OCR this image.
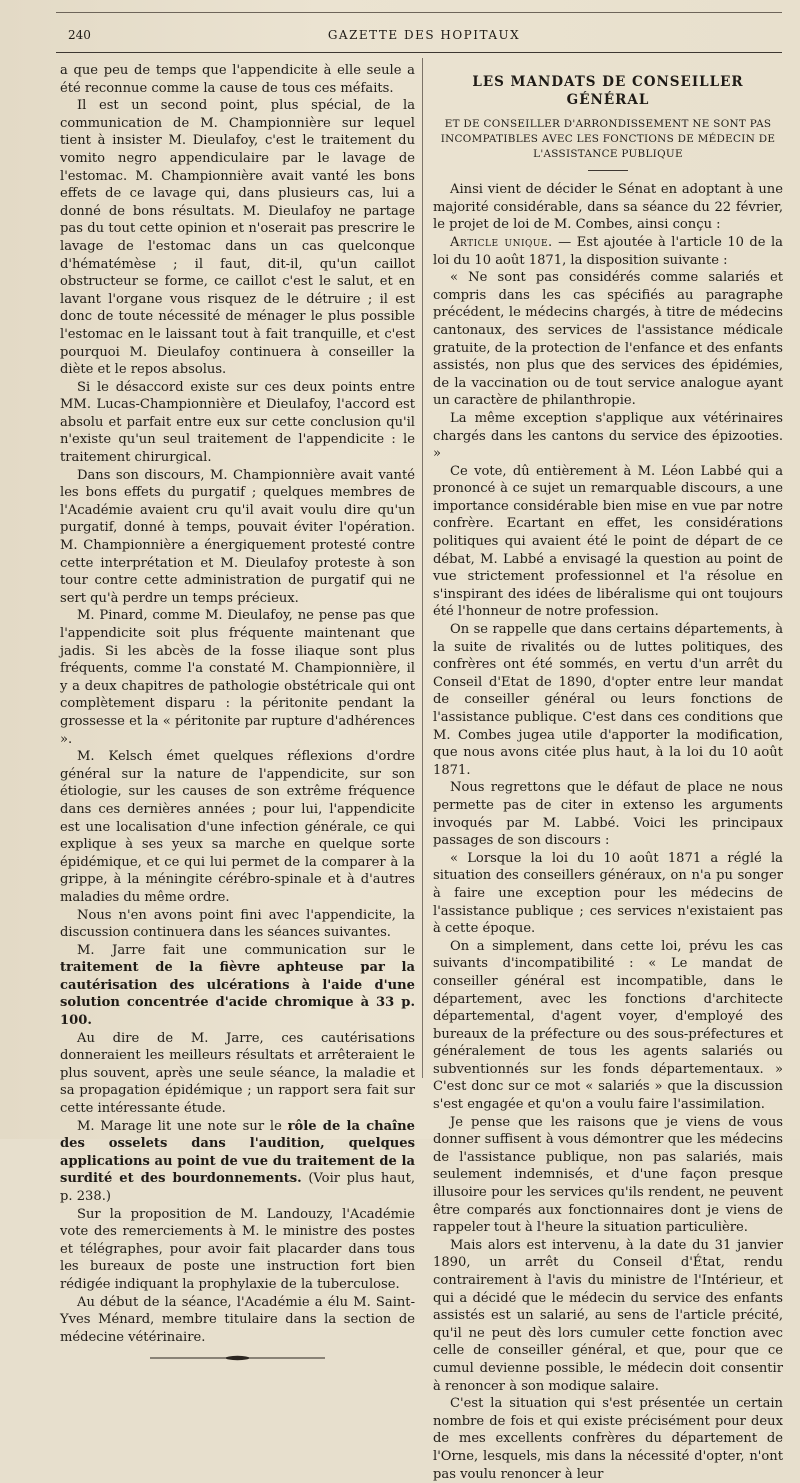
240	GAZETTE DES HOPITAUX

a que peu de temps que l'appendicite à elle seule a été reconnue comme la cause de tous ces méfaits.

Il est un second point, plus spécial, de la communication de M. Championnière sur lequel tient à insister M. Dieulafoy, c'est le traitement du vomito negro appendiculaire par le lavage de l'estomac. M. Championnière avait vanté les bons effets de ce lavage qui, dans plusieurs cas, lui a donné de bons résultats. M. Dieulafoy ne partage pas du tout cette opinion et n'oserait pas prescrire le lavage de l'estomac dans un cas quelconque d'hématémèse ; il faut, dit-il, qu'un caillot obstructeur se forme, ce caillot c'est le salut, et en lavant l'organe vous risquez de le détruire ; il est donc de toute nécessité de ménager le plus possible l'estomac en le laissant tout à fait tranquille, et c'est pourquoi M. Dieulafoy continuera à conseiller la diète et le repos absolus.

Si le désaccord existe sur ces deux points entre MM. Lucas-Championnière et Dieulafoy, l'accord est absolu et parfait entre eux sur cette conclusion qu'il n'existe qu'un seul traitement de l'appendicite : le traitement chirurgical.

Dans son discours, M. Championnière avait vanté les bons effets du purgatif ; quelques membres de l'Académie avaient cru qu'il avait voulu dire qu'un purgatif, donné à temps, pouvait éviter l'opération. M. Championnière a énergiquement protesté contre cette interprétation et M. Dieulafoy proteste à son tour contre cette administration de purgatif qui ne sert qu'à perdre un temps précieux.

M. Pinard, comme M. Dieulafoy, ne pense pas que l'appendicite soit plus fréquente maintenant que jadis. Si les abcès de la fosse iliaque sont plus fréquents, comme l'a constaté M. Championnière, il y a deux chapitres de pathologie obstétricale qui ont complètement disparu : la péritonite pendant la grossesse et la « péritonite par rupture d'adhérences ».

M. Kelsch émet quelques réflexions d'ordre général sur la nature de l'appendicite, sur son étiologie, sur les causes de son extrême fréquence dans ces dernières années ; pour lui, l'appendicite est une localisation d'une infection générale, ce qui explique à ses yeux sa marche en quelque sorte épidémique, et ce qui lui permet de la comparer à la grippe, à la méningite cérébro-spinale et à d'autres maladies du même ordre.

Nous n'en avons point fini avec l'appendicite, la discussion continuera dans les séances suivantes.

M. Jarre fait une communication sur le traitement de la fièvre aphteuse par la cautérisation des ulcérations à l'aide d'une solution concentrée d'acide chromique à 33 p. 100.

Au dire de M. Jarre, ces cautérisations donneraient les meilleurs résultats et arrêteraient le plus souvent, après une seule séance, la maladie et sa propagation épidémique ; un rapport sera fait sur cette intéressante étude.

M. Marage lit une note sur le rôle de la chaîne des osselets dans l'audition, quelques applications au point de vue du traitement de la surdité et des bourdonnements. (Voir plus haut, p. 238.)

Sur la proposition de M. Landouzy, l'Académie vote des remerciements à M. le ministre des postes et télégraphes, pour avoir fait placarder dans tous les bureaux de poste une instruction fort bien rédigée indiquant la prophylaxie de la tuberculose.

Au début de la séance, l'Académie a élu M. Saint-Yves Ménard, membre titulaire dans la section de médecine vétérinaire.

LES MANDATS DE CONSEILLER GÉNÉRAL
ET DE CONSEILLER D'ARRONDISSEMENT NE SONT PAS INCOMPATIBLES AVEC LES FONCTIONS DE MÉDECIN DE L'ASSISTANCE PUBLIQUE

Ainsi vient de décider le Sénat en adoptant à une majorité considérable, dans sa séance du 22 février, le projet de loi de M. Combes, ainsi conçu :

Article unique. — Est ajoutée à l'article 10 de la loi du 10 août 1871, la disposition suivante :

« Ne sont pas considérés comme salariés et compris dans les cas spécifiés au paragraphe précédent, le médecins chargés, à titre de médecins cantonaux, des services de l'assistance médicale gratuite, de la protection de l'enfance et des enfants assistés, non plus que des services des épidémies, de la vaccination ou de tout service analogue ayant un caractère de philanthropie.

La même exception s'applique aux vétérinaires chargés dans les cantons du service des épizooties. »

Ce vote, dû entièrement à M. Léon Labbé qui a prononcé à ce sujet un remarquable discours, a une importance considérable bien mise en vue par notre confrère. Ecartant en effet, les considérations politiques qui avaient été le point de départ de ce débat, M. Labbé a envisagé la question au point de vue strictement professionnel et l'a résolue en s'inspirant des idées de libéralisme qui ont toujours été l'honneur de notre profession.

On se rappelle que dans certains départements, à la suite de rivalités ou de luttes politiques, des confrères ont été sommés, en vertu d'un arrêt du Conseil d'Etat de 1890, d'opter entre leur mandat de conseiller général ou leurs fonctions de l'assistance publique. C'est dans ces conditions que M. Combes jugea utile d'apporter la modification, que nous avons citée plus haut, à la loi du 10 août 1871.

Nous regrettons que le défaut de place ne nous permette pas de citer in extenso les arguments invoqués par M. Labbé. Voici les principaux passages de son discours :

« Lorsque la loi du 10 août 1871 a réglé la situation des conseillers généraux, on n'a pu songer à faire une exception pour les médecins de l'assistance publique ; ces services n'existaient pas à cette époque.

On a simplement, dans cette loi, prévu les cas suivants d'incompatibilité : « Le mandat de conseiller général est incompatible, dans le département, avec les fonctions d'architecte départemental, d'agent voyer, d'employé des bureaux de la préfecture ou des sous-préfectures et généralement de tous les agents salariés ou subventionnés sur les fonds départementaux. » C'est donc sur ce mot « salariés » que la discussion s'est engagée et qu'on a voulu faire l'assimilation.

Je pense que les raisons que je viens de vous donner suffisent à vous démontrer que les médecins de l'assistance publique, non pas salariés, mais seulement indemnisés, et d'une façon presque illusoire pour les services qu'ils rendent, ne peuvent être comparés aux fonctionnaires dont je viens de rappeler tout à l'heure la situation particulière.

Mais alors est intervenu, à la date du 31 janvier 1890, un arrêt du Conseil d'État, rendu contrairement à l'avis du ministre de l'Intérieur, et qui a décidé que le médecin du service des enfants assistés est un salarié, au sens de l'article précité, qu'il ne peut dès lors cumuler cette fonction avec celle de conseiller général, et que, pour que ce cumul devienne possible, le médecin doit consentir à renoncer à son modique salaire.

C'est la situation qui s'est présentée un certain nombre de fois et qui existe précisément pour deux de mes excellents confrères du département de l'Orne, lesquels, mis dans la nécessité d'opter, n'ont pas voulu renoncer à leur
